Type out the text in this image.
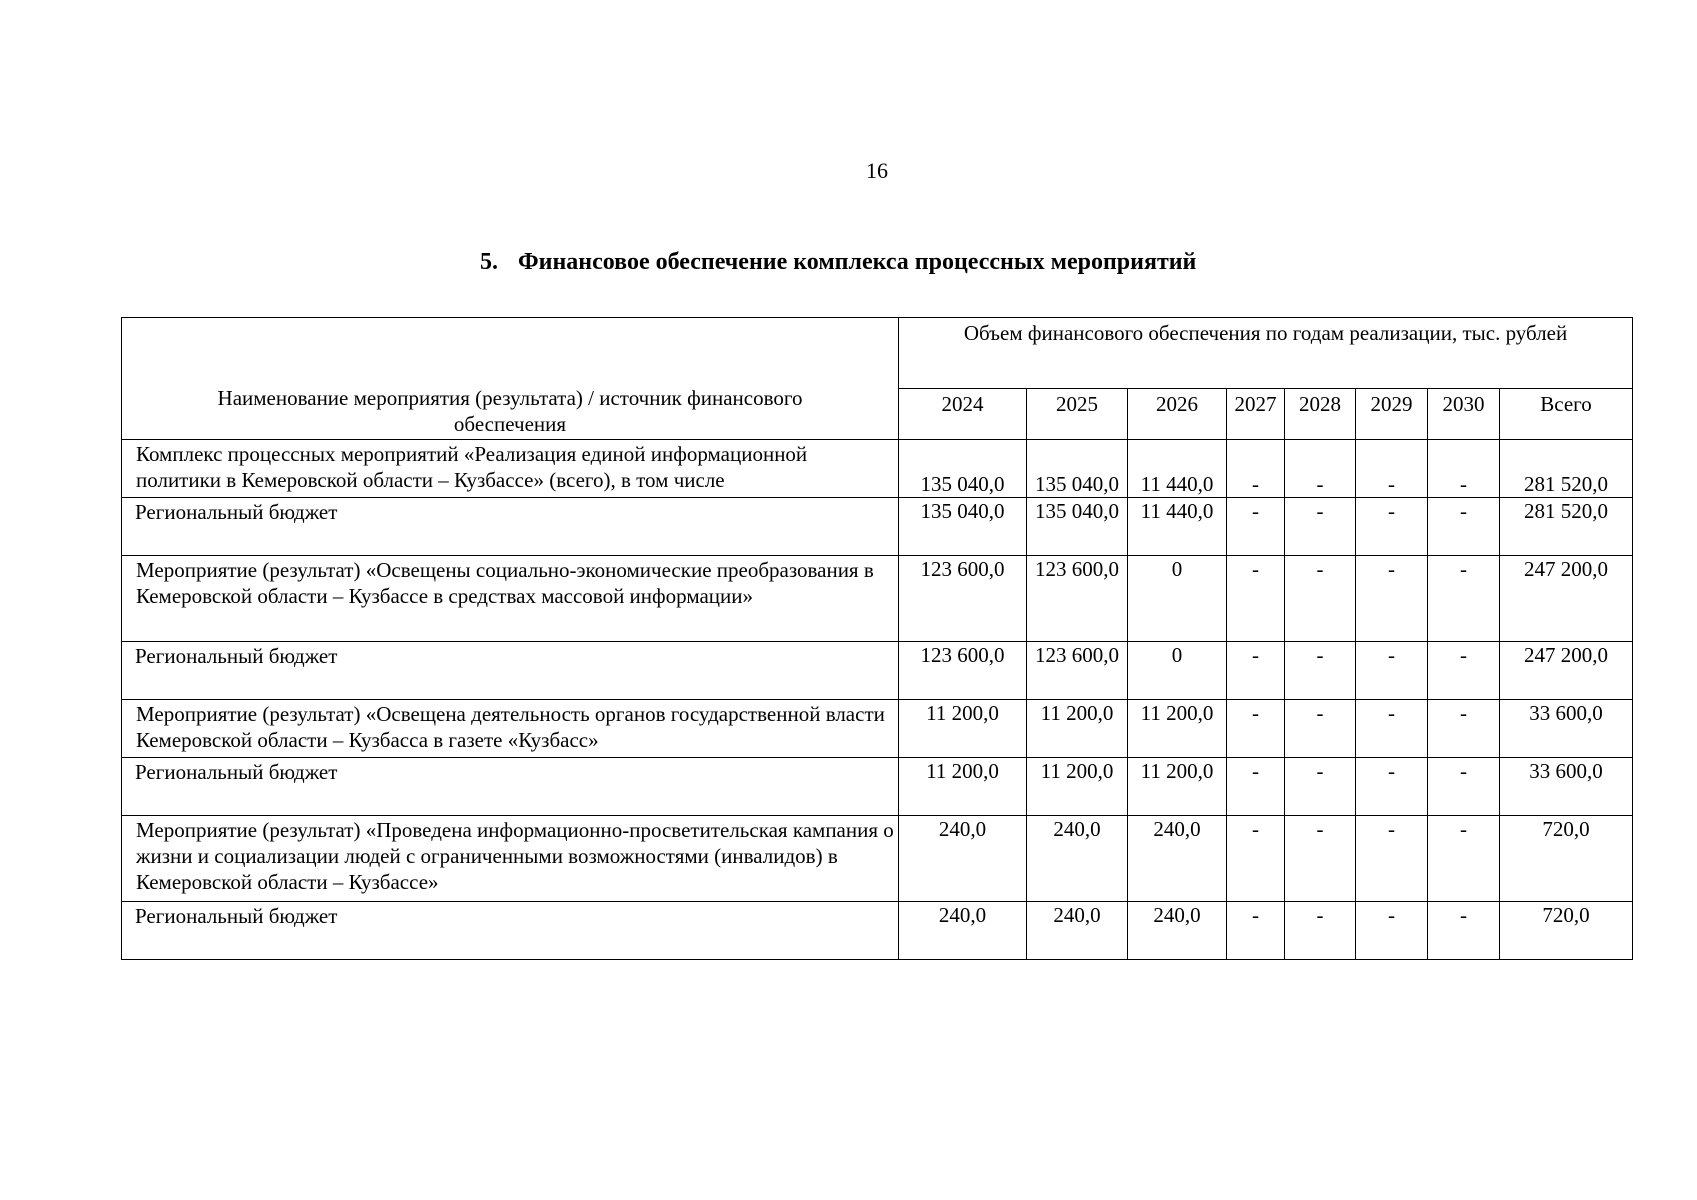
16
5. Финансовое обеспечение комплекса процессных мероприятий
Наименование мероприятия (результата) / источник финансового обеспечения	Объем финансового обеспечения по годам реализации, тыс. рублей							
	2024	2025	2026	2027	2028	2029	2030	Всего
Комплекс процессных мероприятий «Реализация единой информационной политики в Кемеровской области – Кузбассе» (всего), в том числе	135 040,0	135 040,0	11 440,0	-	-	-	-	281 520,0
Региональный бюджет	135 040,0	135 040,0	11 440,0	-	-	-	-	281 520,0
Мероприятие (результат) «Освещены социально-экономические преобразования в Кемеровской области – Кузбассе в средствах массовой информации»	123 600,0	123 600,0	0	-	-	-	-	247 200,0
Региональный бюджет	123 600,0	123 600,0	0	-	-	-	-	247 200,0
Мероприятие (результат) «Освещена деятельность органов государственной власти Кемеровской области – Кузбасса в газете «Кузбасс»	11 200,0	11 200,0	11 200,0	-	-	-	-	33 600,0
Региональный бюджет	11 200,0	11 200,0	11 200,0	-	-	-	-	33 600,0
Мероприятие (результат) «Проведена информационно-просветительская кампания о жизни и социализации людей с ограниченными возможностями (инвалидов) в Кемеровской области – Кузбассе»	240,0	240,0	240,0	-	-	-	-	720,0
Региональный бюджет	240,0	240,0	240,0	-	-	-	-	720,0
